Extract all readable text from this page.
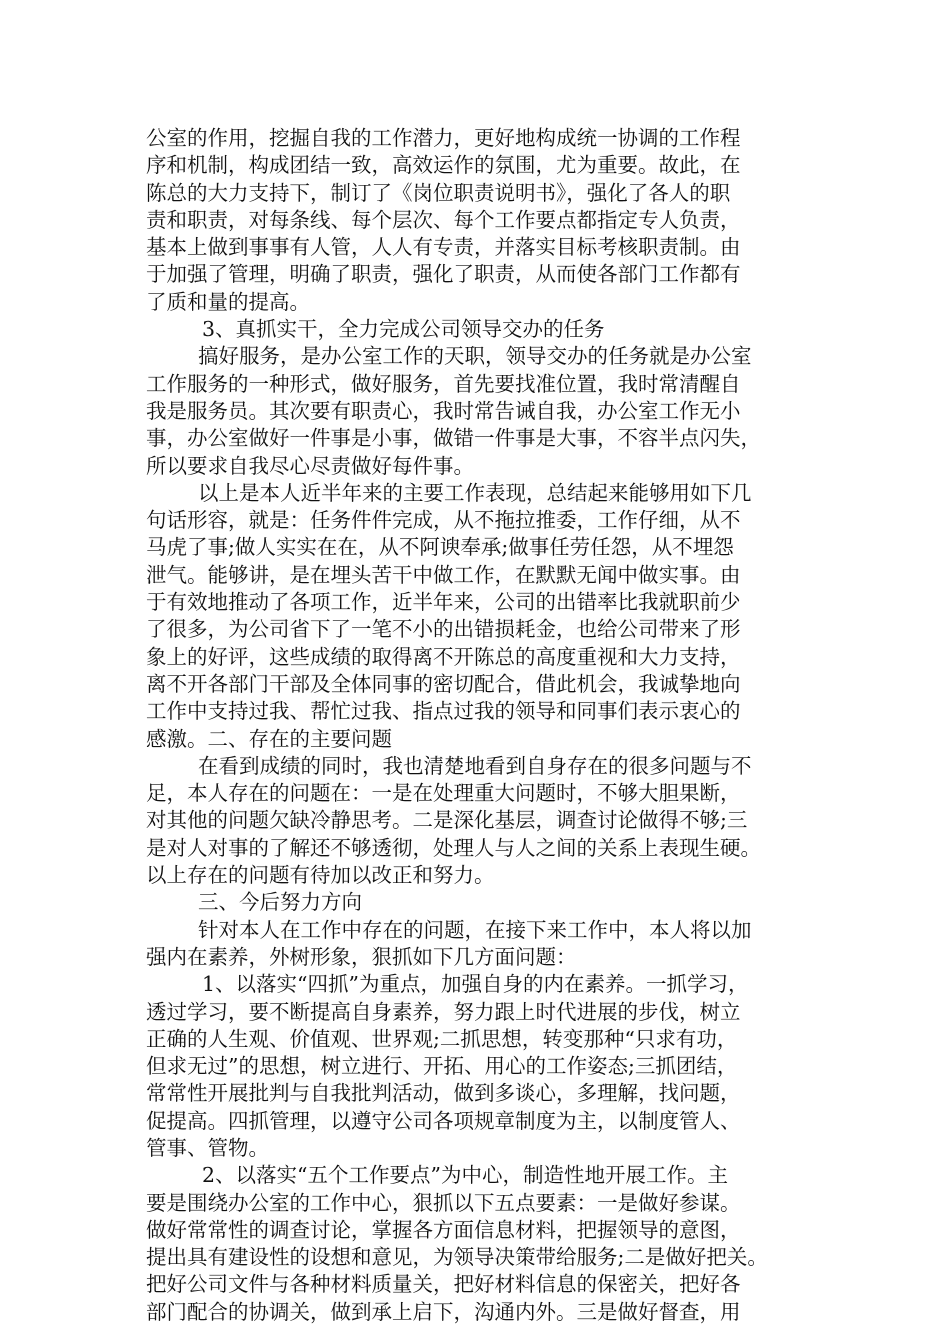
公室的作用，挖掘自我的工作潜力，更好地构成统一协调的工作程
序和机制，构成团结一致，高效运作的氛围，尤为重要。故此，在
陈总的大力支持下，制订了《岗位职责说明书》，强化了各人的职
责和职责，对每条线、每个层次、每个工作要点都指定专人负责，
基本上做到事事有人管，人人有专责，并落实目标考核职责制。由
于加强了管理，明确了职责，强化了职责，从而使各部门工作都有
了质和量的提高。
3、真抓实干，全力完成公司领导交办的任务
搞好服务，是办公室工作的天职，领导交办的任务就是办公室
工作服务的一种形式，做好服务，首先要找准位置，我时常清醒自
我是服务员。其次要有职责心，我时常告诫自我，办公室工作无小
事，办公室做好一件事是小事，做错一件事是大事，不容半点闪失，
所以要求自我尽心尽责做好每件事。
以上是本人近半年来的主要工作表现，总结起来能够用如下几
句话形容，就是：任务件件完成，从不拖拉推委，工作仔细，从不
马虎了事;做人实实在在，从不阿谀奉承;做事任劳任怨，从不埋怨
泄气。能够讲，是在埋头苦干中做工作，在默默无闻中做实事。由
于有效地推动了各项工作，近半年来，公司的出错率比我就职前少
了很多，为公司省下了一笔不小的出错损耗金，也给公司带来了形
象上的好评，这些成绩的取得离不开陈总的高度重视和大力支持，
离不开各部门干部及全体同事的密切配合，借此机会，我诚挚地向
工作中支持过我、帮忙过我、指点过我的领导和同事们表示衷心的
感激。二、存在的主要问题
在看到成绩的同时，我也清楚地看到自身存在的很多问题与不
足，本人存在的问题在：一是在处理重大问题时，不够大胆果断，
对其他的问题欠缺冷静思考。二是深化基层，调查讨论做得不够;三
是对人对事的了解还不够透彻，处理人与人之间的关系上表现生硬。
以上存在的问题有待加以改正和努力。
三、今后努力方向
针对本人在工作中存在的问题，在接下来工作中，本人将以加
强内在素养，外树形象，狠抓如下几方面问题：
1、以落实“四抓”为重点，加强自身的内在素养。一抓学习，
透过学习，要不断提高自身素养，努力跟上时代进展的步伐，树立
正确的人生观、价值观、世界观;二抓思想，转变那种“只求有功，
但求无过”的思想，树立进行、开拓、用心的工作姿态;三抓团结，
常常性开展批判与自我批判活动，做到多谈心，多理解，找问题，
促提高。四抓管理，以遵守公司各项规章制度为主，以制度管人、
管事、管物。
2、以落实“五个工作要点”为中心，制造性地开展工作。主
要是围绕办公室的工作中心，狠抓以下五点要素：一是做好参谋。
做好常常性的调查讨论，掌握各方面信息材料，把握领导的意图，
提出具有建设性的设想和意见，为领导决策带给服务;二是做好把关。
把好公司文件与各种材料质量关，把好材料信息的保密关，把好各
部门配合的协调关，做到承上启下，沟通内外。三是做好督查，用
